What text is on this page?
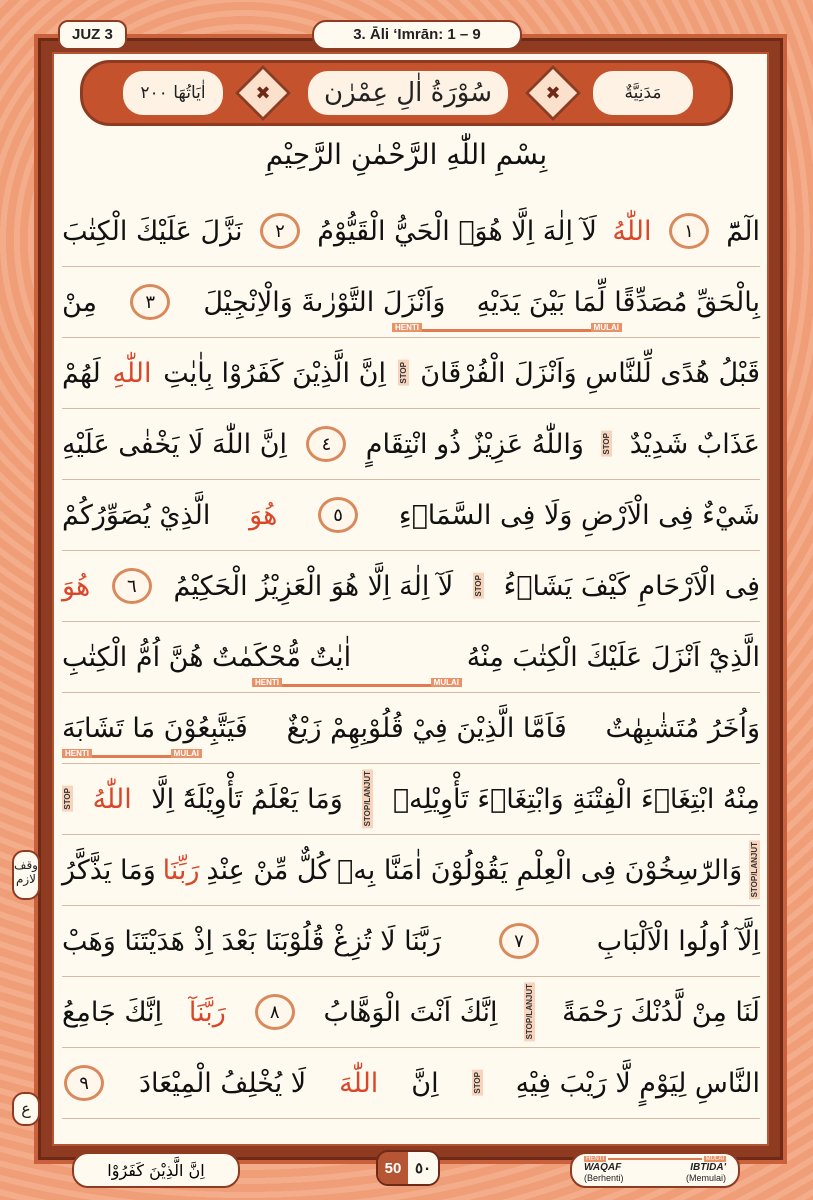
JUZ 3	3. Āli ‘Imrān: 1 – 9
اٰيَاتُهَا ٢٠٠ ✖	سُوْرَةُ اٰلِ عِمْرٰن ✖	مَدَنِيَّةٌ
بِسْمِ اللّٰهِ الرَّحْمٰنِ الرَّحِيْمِ
الٓمّٓ
١
اللّٰهُ
لَآ اِلٰهَ اِلَّا هُوَۚ الْحَيُّ الْقَيُّوْمُ
٢
نَزَّلَ عَلَيْكَ الْكِتٰبَ
بِالْحَقِّ مُصَدِّقًا لِّمَا بَيْنَ يَدَيْهِ
وَاَنْزَلَ التَّوْرٰىةَ وَالْاِنْجِيْلَ
٣
مِنْ
HENTI	MULAI
قَبْلُ هُدًى لِّلنَّاسِ وَاَنْزَلَ الْفُرْقَانَ
STOP
اِنَّ الَّذِيْنَ كَفَرُوْا بِاٰيٰتِ
اللّٰهِ
لَهُمْ
عَذَابٌ شَدِيْدٌ
STOP
وَاللّٰهُ عَزِيْزٌ ذُو انْتِقَامٍ
٤
اِنَّ اللّٰهَ لَا يَخْفٰى عَلَيْهِ
شَيْءٌ فِى الْاَرْضِ وَلَا فِى السَّمَاۤءِ
٥
هُوَ
الَّذِيْ يُصَوِّرُكُمْ
فِى الْاَرْحَامِ كَيْفَ يَشَاۤءُ
STOP
لَآ اِلٰهَ اِلَّا هُوَ الْعَزِيْزُ الْحَكِيْمُ
٦
هُوَ
الَّذِيْٓ اَنْزَلَ عَلَيْكَ الْكِتٰبَ مِنْهُ
اٰيٰتٌ مُّحْكَمٰتٌ هُنَّ اُمُّ الْكِتٰبِ
HENTI	MULAI
وَاُخَرُ مُتَشٰبِهٰتٌ
فَاَمَّا الَّذِيْنَ فِيْ قُلُوْبِهِمْ زَيْغٌ
فَيَتَّبِعُوْنَ مَا تَشَابَهَ
HENTI	MULAI
مِنْهُ ابْتِغَاۤءَ الْفِتْنَةِ وَابْتِغَاۤءَ تَأْوِيْلِهٖ
STOP/LANJUT
وَمَا يَعْلَمُ تَأْوِيْلَهٗٓ اِلَّا
اللّٰهُ
STOP
STOP/LANJUT
وَالرّٰسِخُوْنَ فِى الْعِلْمِ يَقُوْلُوْنَ اٰمَنَّا بِهٖ
كُلٌّ مِّنْ عِنْدِ
رَبِّنَا
وَمَا يَذَّكَّرُ
اِلَّآ اُولُوا الْاَلْبَابِ
٧
رَبَّنَا لَا تُزِغْ قُلُوْبَنَا بَعْدَ اِذْ هَدَيْتَنَا وَهَبْ
لَنَا مِنْ لَّدُنْكَ رَحْمَةً
STOP/LANJUT
اِنَّكَ اَنْتَ الْوَهَّابُ
٨
رَبَّنَآ
اِنَّكَ جَامِعُ
النَّاسِ لِيَوْمٍ لَّا رَيْبَ فِيْهِ
STOP
اِنَّ
اللّٰهَ
لَا يُخْلِفُ الْمِيْعَادَ
٩
وقف لازم
ع
اِنَّ الَّذِيْنَ كَفَرُوْا	50 ٥٠
HENTI	MULAI
WAQAF	IBTIDA'
(Berhenti)	(Memulai)
